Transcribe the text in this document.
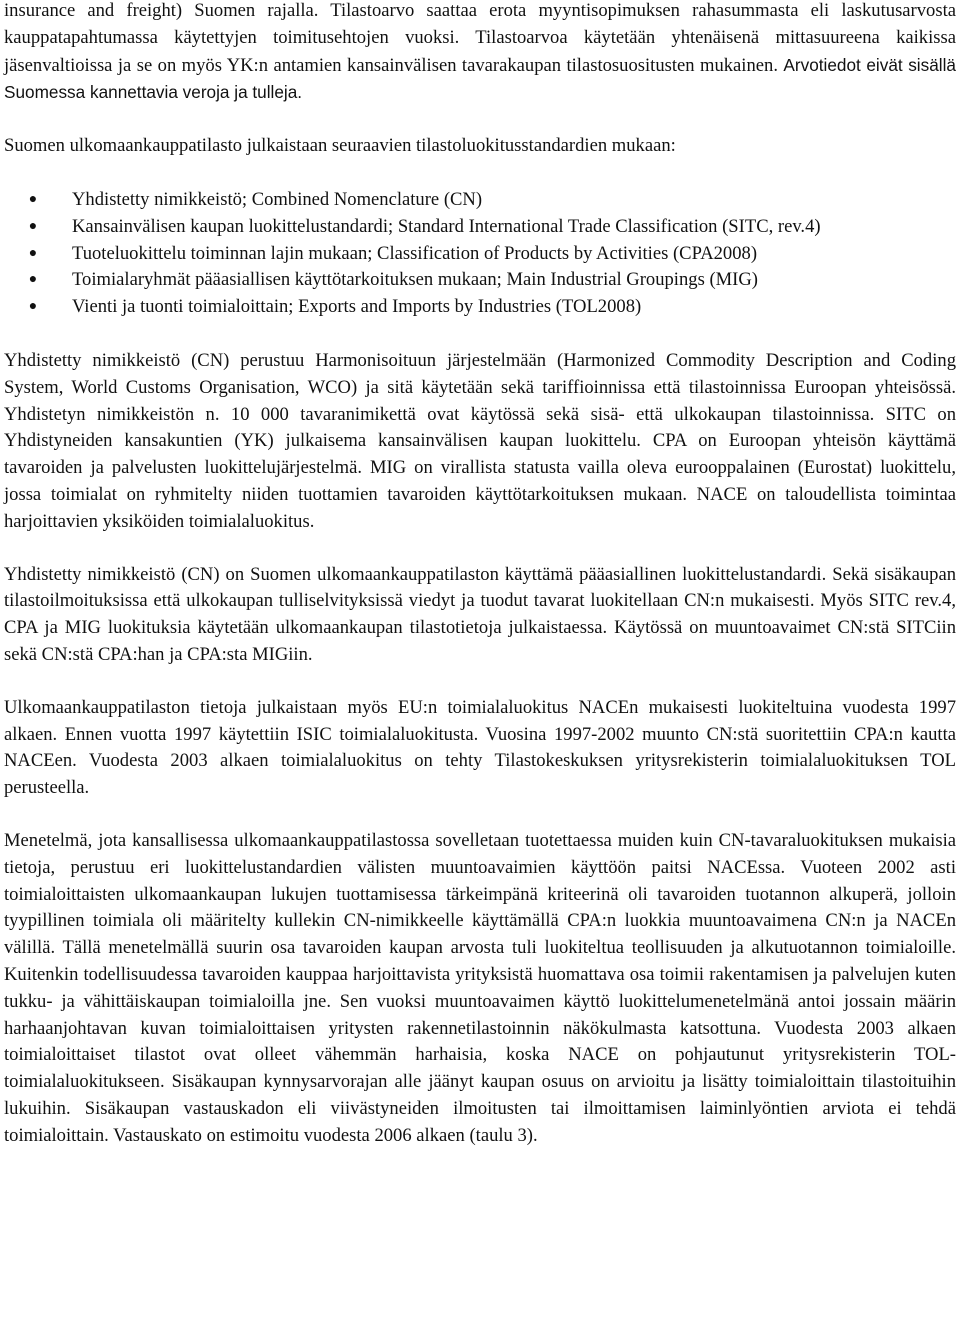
insurance and freight) Suomen rajalla. Tilastoarvo saattaa erota myyntisopimuksen rahasummasta eli laskutusarvosta kauppatapahtumassa käytettyjen toimitusehtojen vuoksi. Tilastoarvoa käytetään yhtenäisenä mittasuureena kaikissa jäsenvaltioissa ja se on myös YK:n antamien kansainvälisen tavarakaupan tilastosuositusten mukainen. Arvotiedot eivät sisällä Suomessa kannettavia veroja ja tulleja.

Suomen ulkomaankauppatilasto julkaistaan seuraavien tilastoluokitusstandardien mukaan:

● Yhdistetty nimikkeistö; Combined Nomenclature (CN)
● Kansainvälisen kaupan luokittelustandardi; Standard International Trade Classification (SITC, rev.4)
● Tuoteluokittelu toiminnan lajin mukaan; Classification of Products by Activities (CPA2008)
● Toimialaryhmät pääasiallisen käyttötarkoituksen mukaan; Main Industrial Groupings (MIG)
● Vienti ja tuonti toimialoittain; Exports and Imports by Industries (TOL2008)

Yhdistetty nimikkeistö (CN) perustuu Harmonisoituun järjestelmään (Harmonized Commodity Description and Coding System, World Customs Organisation, WCO) ja sitä käytetään sekä tariffioinnissa että tilastoinnissa Euroopan yhteisössä. Yhdistetyn nimikkeistön n. 10 000 tavaranimikettä ovat käytössä sekä sisä- että ulkokaupan tilastoinnissa. SITC on Yhdistyneiden kansakuntien (YK) julkaisema kansainvälisen kaupan luokittelu. CPA on Euroopan yhteisön käyttämä tavaroiden ja palvelusten luokittelujärjestelmä. MIG on virallista statusta vailla oleva eurooppalainen (Eurostat) luokittelu, jossa toimialat on ryhmitelty niiden tuottamien tavaroiden käyttötarkoituksen mukaan. NACE on taloudellista toimintaa harjoittavien yksiköiden toimialaluokitus.

Yhdistetty nimikkeistö (CN) on Suomen ulkomaankauppatilaston käyttämä pääasiallinen luokittelustandardi. Sekä sisäkaupan tilastoilmoituksissa että ulkokaupan tulliselvityksissä viedyt ja tuodut tavarat luokitellaan CN:n mukaisesti. Myös SITC rev.4, CPA ja MIG luokituksia käytetään ulkomaankaupan tilastotietoja julkaistaessa. Käytössä on muuntoavaimet CN:stä SITCiin sekä CN:stä CPA:han ja CPA:sta MIGiin.

Ulkomaankauppatilaston tietoja julkaistaan myös EU:n toimialaluokitus NACEn mukaisesti luokiteltuina vuodesta 1997 alkaen. Ennen vuotta 1997 käytettiin ISIC toimialaluokitusta. Vuosina 1997-2002 muunto CN:stä suoritettiin CPA:n kautta NACEen. Vuodesta 2003 alkaen toimialaluokitus on tehty Tilastokeskuksen yritysrekisterin toimialaluokituksen TOL perusteella.

Menetelmä, jota kansallisessa ulkomaankauppatilastossa sovelletaan tuotettaessa muiden kuin CN-tavaraluokituksen mukaisia tietoja, perustuu eri luokittelustandardien välisten muuntoavaimien käyttöön paitsi NACEssa. Vuoteen 2002 asti toimialoittaisten ulkomaankaupan lukujen tuottamisessa tärkeimpänä kriteerinä oli tavaroiden tuotannon alkuperä, jolloin tyypillinen toimiala oli määritelty kullekin CN-nimikkeelle käyttämällä CPA:n luokkia muuntoavaimena CN:n ja NACEn välillä. Tällä menetelmällä suurin osa tavaroiden kaupan arvosta tuli luokiteltua teollisuuden ja alkutuotannon toimialoille. Kuitenkin todellisuudessa tavaroiden kauppaa harjoittavista yrityksistä huomattava osa toimii rakentamisen ja palvelujen kuten tukku- ja vähittäiskaupan toimialoilla jne. Sen vuoksi muuntoavaimen käyttö luokittelumenetelmänä antoi jossain määrin harhaanjohtavan kuvan toimialoittaisen yritysten rakennetilastoinnin näkökulmasta katsottuna. Vuodesta 2003 alkaen toimialoittaiset tilastot ovat olleet vähemmän harhaisia, koska NACE on pohjautunut yritysrekisterin TOL-toimialaluokitukseen. Sisäkaupan kynnysarvorajan alle jäänyt kaupan osuus on arvioitu ja lisätty toimialoittain tilastoituihin lukuihin. Sisäkaupan vastauskadon eli viivästyneiden ilmoitusten tai ilmoittamisen laiminlyöntien arviota ei tehdä toimialoittain. Vastauskato on estimoitu vuodesta 2006 alkaen (taulu 3).
